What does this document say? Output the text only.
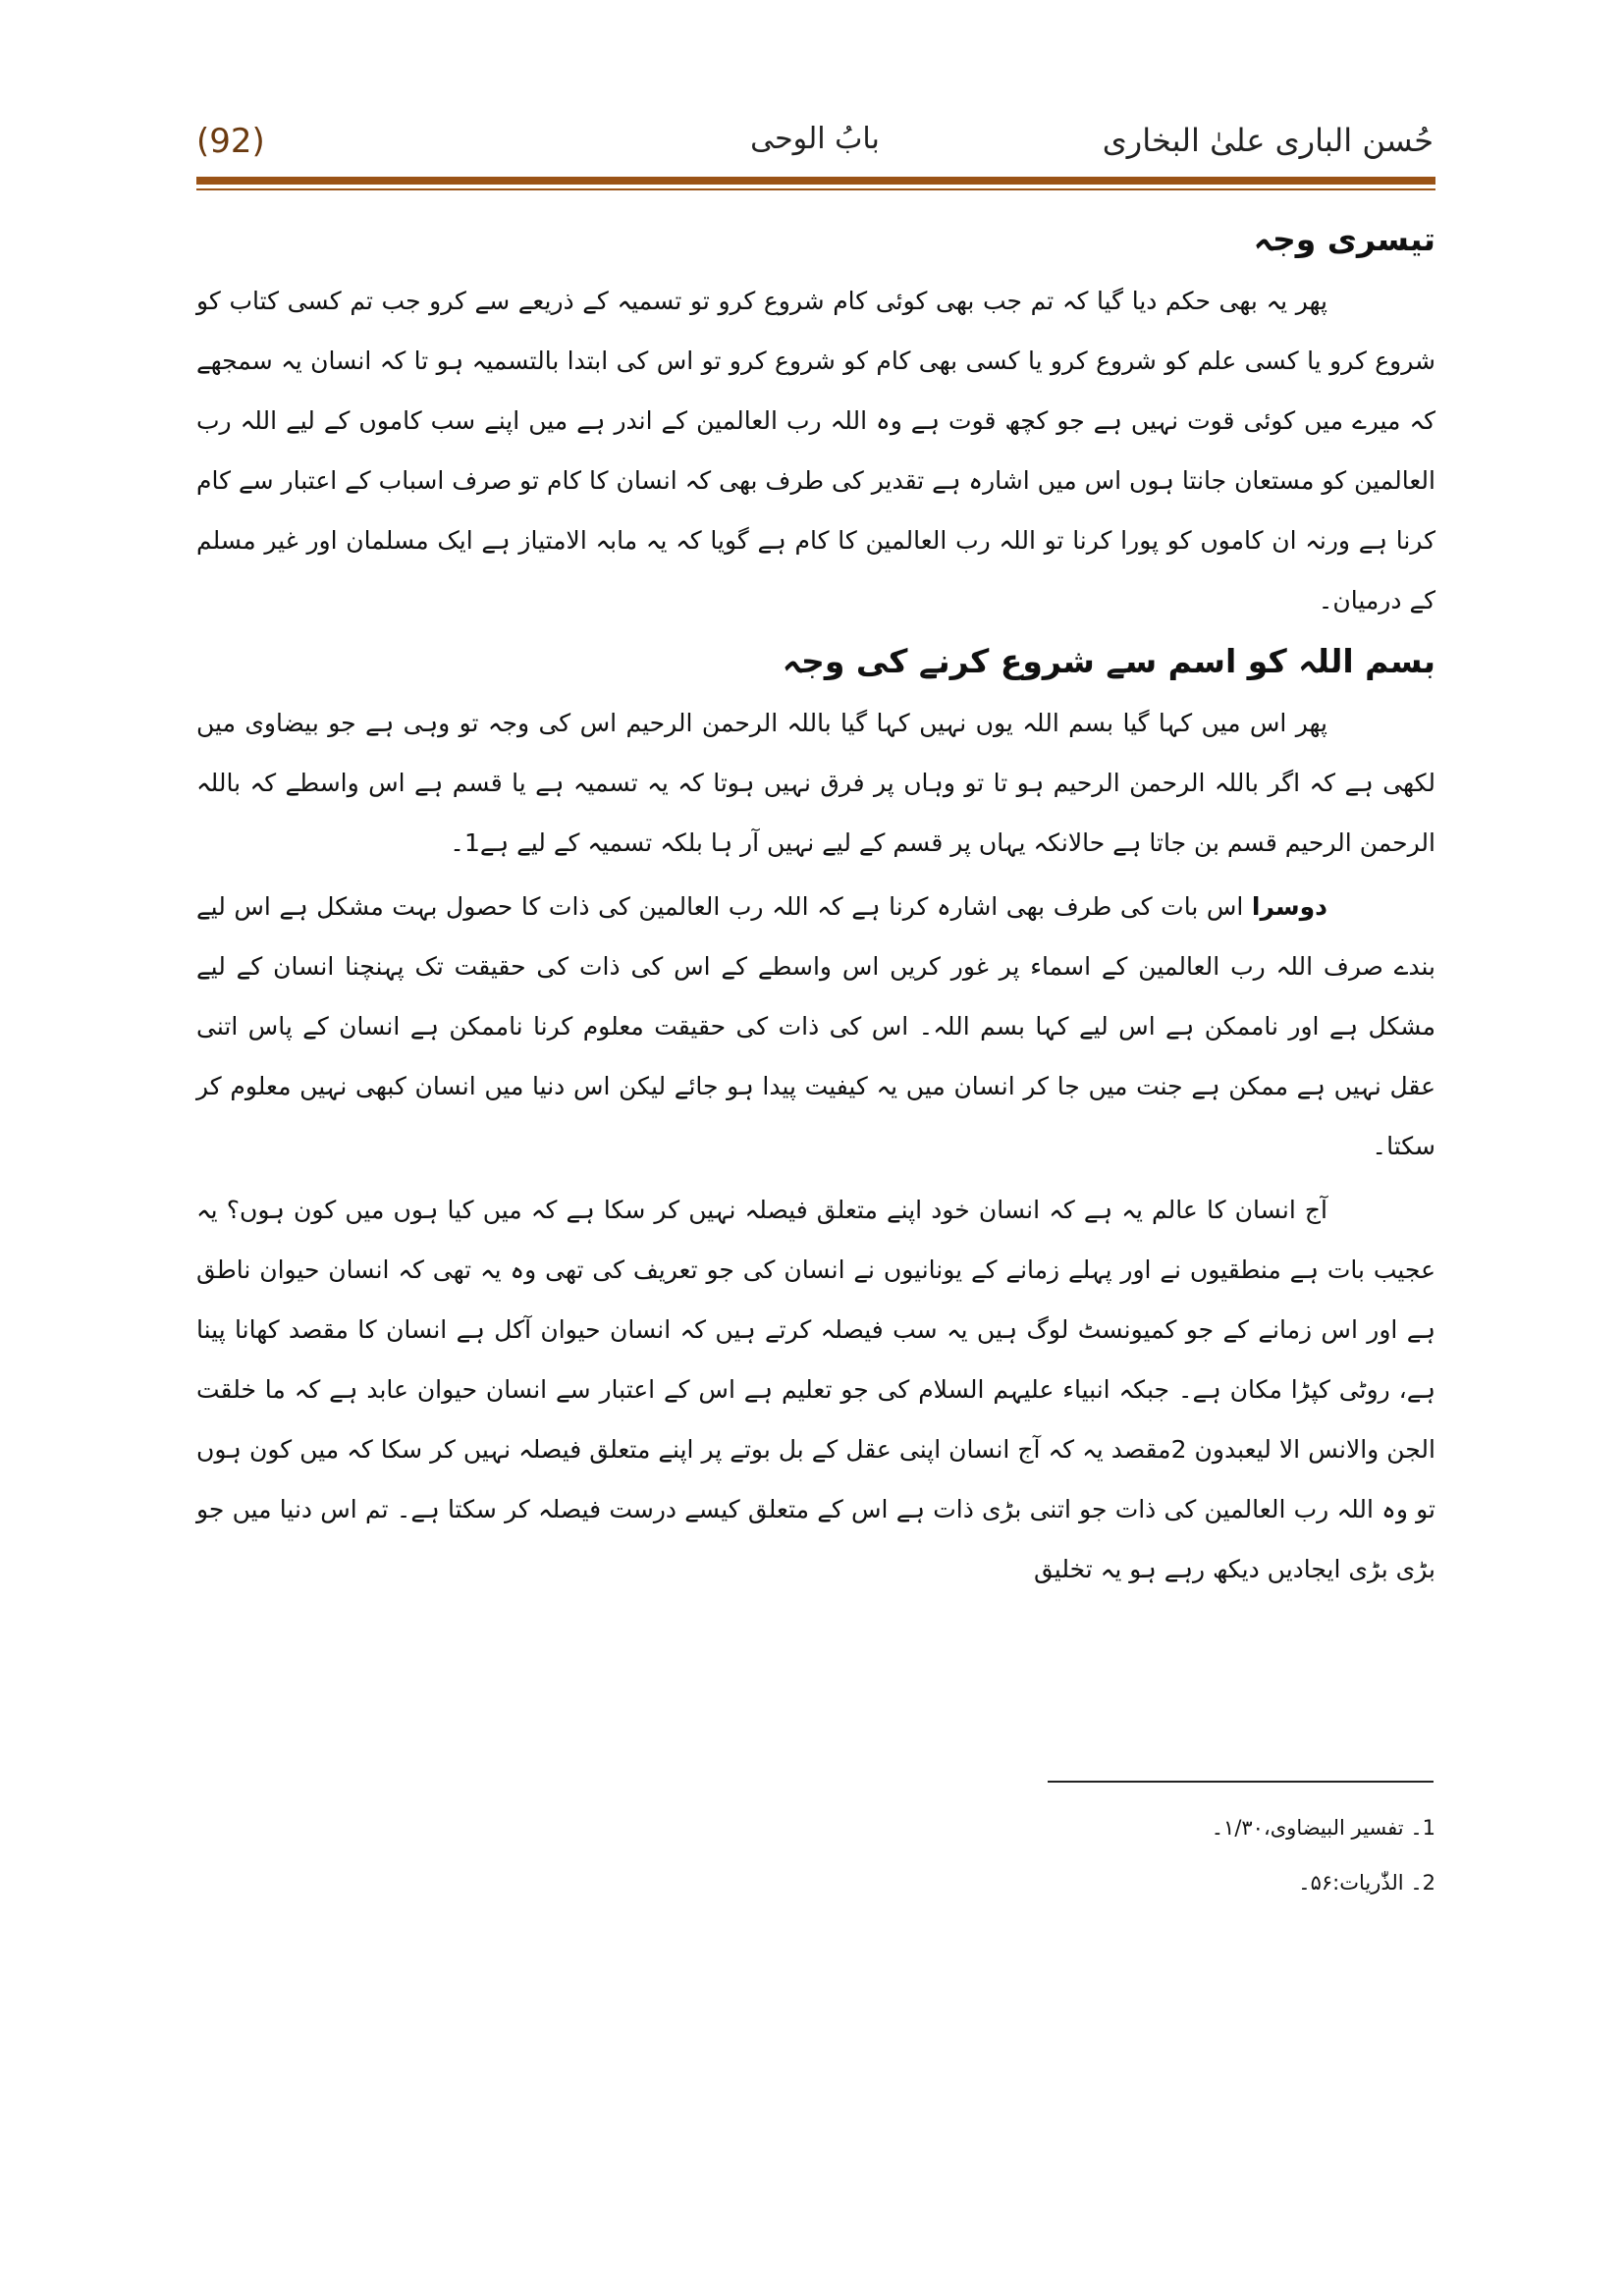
(92)	بابُ الوحی	حُسن الباری علیٰ البخاری
تیسری وجہ

پھر یہ بھی حکم دیا گیا کہ تم جب بھی کوئی کام شروع کرو تو تسمیہ کے ذریعے سے کرو جب تم کسی کتاب کو شروع کرو یا کسی علم کو شروع کرو یا کسی بھی کام کو شروع کرو تو اس کی ابتدا بالتسمیہ ہو تا کہ انسان یہ سمجھے کہ میرے میں کوئی قوت نہیں ہے جو کچھ قوت ہے وہ اللہ رب العالمین کے اندر ہے میں اپنے سب کاموں کے لیے اللہ رب العالمین کو مستعان جانتا ہوں اس میں اشارہ ہے تقدیر کی طرف بھی کہ انسان کا کام تو صرف اسباب کے اعتبار سے کام کرنا ہے ورنہ ان کاموں کو پورا کرنا تو اللہ رب العالمین کا کام ہے گویا کہ یہ مابہ الامتیاز ہے ایک مسلمان اور غیر مسلم کے درمیان۔

بسم اللہ کو اسم سے شروع کرنے کی وجہ

پھر اس میں کہا گیا بسم اللہ یوں نہیں کہا گیا باللہ الرحمن الرحیم اس کی وجہ تو وہی ہے جو بیضاوی میں لکھی ہے کہ اگر باللہ الرحمن الرحیم ہو تا تو وہاں پر فرق نہیں ہوتا کہ یہ تسمیہ ہے یا قسم ہے اس واسطے کہ باللہ الرحمن الرحیم قسم بن جاتا ہے حالانکہ یہاں پر قسم کے لیے نہیں آر ہا بلکہ تسمیہ کے لیے ہے1۔

دوسرا اس بات کی طرف بھی اشارہ کرنا ہے کہ اللہ رب العالمین کی ذات کا حصول بہت مشکل ہے اس لیے بندے صرف اللہ رب العالمین کے اسماء پر غور کریں اس واسطے کے اس کی ذات کی حقیقت تک پہنچنا انسان کے لیے مشکل ہے اور ناممکن ہے اس لیے کہا بسم اللہ۔ اس کی ذات کی حقیقت معلوم کرنا ناممکن ہے انسان کے پاس اتنی عقل نہیں ہے ممکن ہے جنت میں جا کر انسان میں یہ کیفیت پیدا ہو جائے لیکن اس دنیا میں انسان کبھی نہیں معلوم کر سکتا۔

آج انسان کا عالم یہ ہے کہ انسان خود اپنے متعلق فیصلہ نہیں کر سکا ہے کہ میں کیا ہوں میں کون ہوں؟ یہ عجیب بات ہے منطقیوں نے اور پہلے زمانے کے یونانیوں نے انسان کی جو تعریف کی تھی وہ یہ تھی کہ انسان حیوان ناطق ہے اور اس زمانے کے جو کمیونسٹ لوگ ہیں یہ سب فیصلہ کرتے ہیں کہ انسان حیوان آکل ہے انسان کا مقصد کھانا پینا ہے، روٹی کپڑا مکان ہے۔ جبکہ انبیاء علیہم السلام کی جو تعلیم ہے اس کے اعتبار سے انسان حیوان عابد ہے کہ ما خلقت الجن والانس الا لیعبدون 2مقصد یہ کہ آج انسان اپنی عقل کے بل بوتے پر اپنے متعلق فیصلہ نہیں کر سکا کہ میں کون ہوں تو وہ اللہ رب العالمین کی ذات جو اتنی بڑی ذات ہے اس کے متعلق کیسے درست فیصلہ کر سکتا ہے۔ تم اس دنیا میں جو بڑی بڑی ایجادیں دیکھ رہے ہو یہ تخلیق

1۔ تفسیر البیضاوی،۱/۳۰۔
2۔ الذّٰریات:۵۶۔
